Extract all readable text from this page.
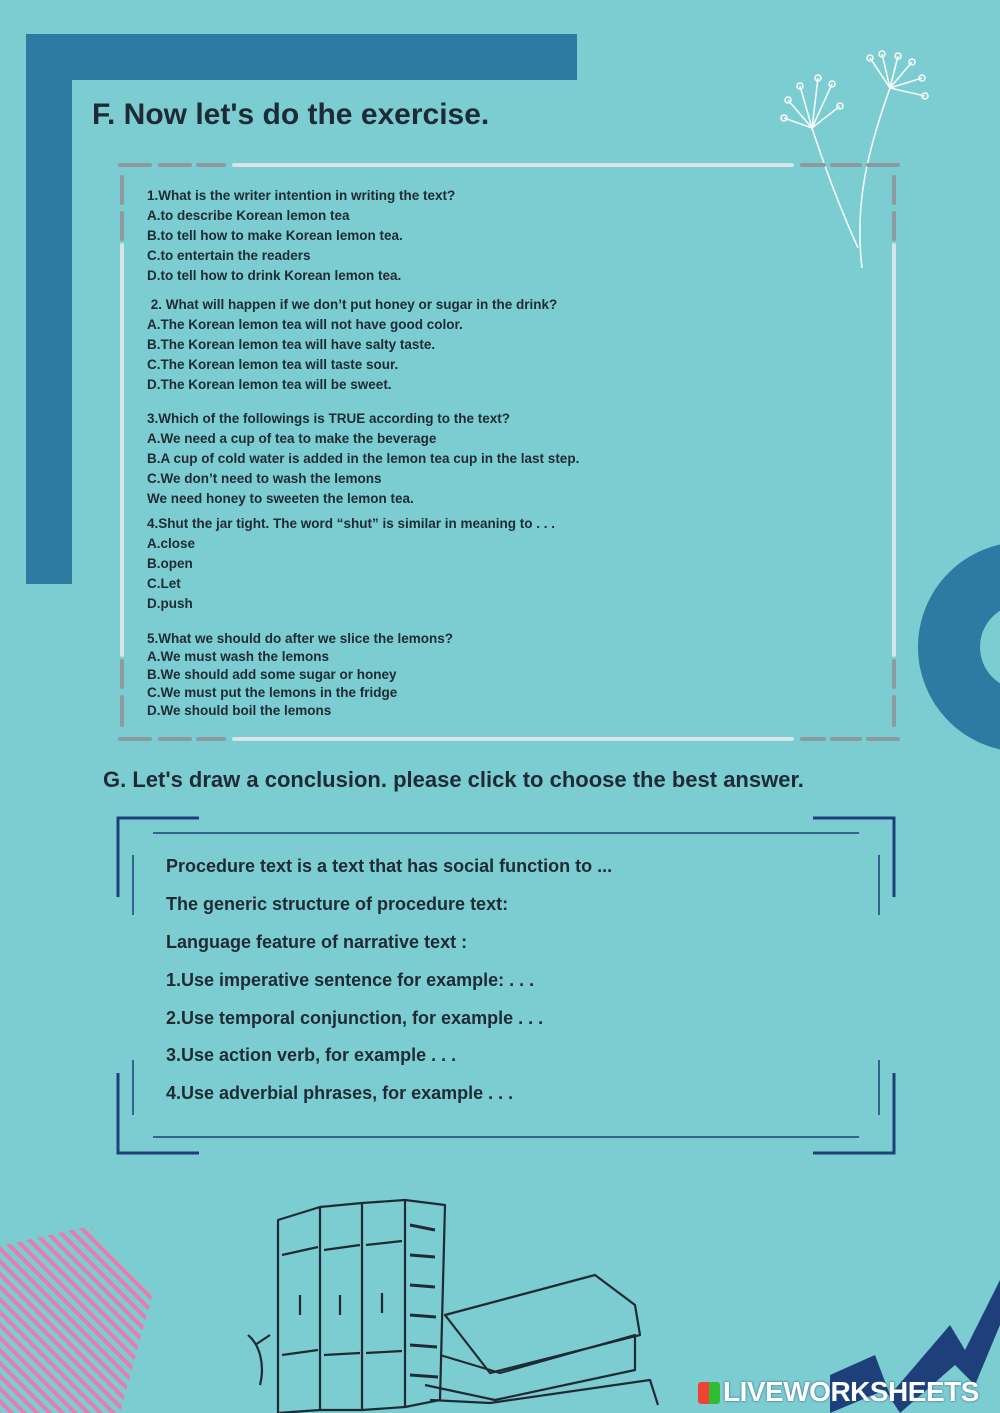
F. Now let's do the exercise.
1.What is the writer intention in writing the text?
A.to describe Korean lemon tea
B.to tell how to make Korean lemon tea.
C.to entertain the readers
D.to tell how to drink Korean lemon tea.
2. What will happen if we don’t put honey or sugar in the drink?
A.The Korean lemon tea will not have good color.
B.The Korean lemon tea will have salty taste.
C.The Korean lemon tea will taste sour.
D.The Korean lemon tea will be sweet.
3.Which of the followings is TRUE according to the text?
A.We need a cup of tea to make the beverage
B.A cup of cold water is added in the lemon tea cup in the last step.
C.We don’t need to wash the lemons
We need honey to sweeten the lemon tea.
4.Shut the jar tight. The word “shut” is similar in meaning to . . .
A.close
B.open
C.Let
D.push
5.What we should do after we slice the lemons?
A.We must wash the lemons
B.We should add some sugar or honey
C.We must put the lemons in the fridge
D.We should boil the lemons
G. Let's draw a conclusion. please click to choose the best answer.
Procedure text is a text that has social function to ...
The generic structure of procedure text:
Language feature of narrative text :
1.Use imperative sentence for example: . . .
2.Use temporal conjunction, for example . . .
3.Use action verb, for example . . .
4.Use adverbial phrases, for example . . .
LIVEWORKSHEETS
